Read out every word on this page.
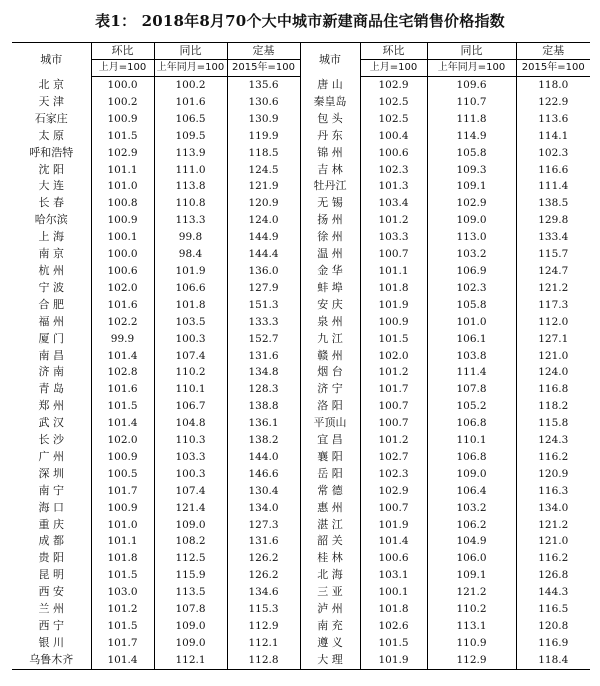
表1： 2018年8月70个大中城市新建商品住宅销售价格指数
城市	环比	同比	定基	城市	环比	同比	定基
	上月=100	上年同月=100	2015年=100		上月=100	上年同月=100	2015年=100
北 京	100.0	100.2	135.6	唐 山	102.9	109.6	118.0
天 津	100.2	101.6	130.6	秦皇岛	102.5	110.7	122.9
石家庄	100.9	106.5	130.9	包 头	102.5	111.8	113.6
太 原	101.5	109.5	119.9	丹 东	100.4	114.9	114.1
呼和浩特	102.9	113.9	118.5	锦 州	100.6	105.8	102.3
沈 阳	101.1	111.0	124.5	吉 林	102.3	109.3	116.6
大 连	101.0	113.8	121.9	牡丹江	101.3	109.1	111.4
长 春	100.8	110.8	120.9	无 锡	103.4	102.9	138.5
哈尔滨	100.9	113.3	124.0	扬 州	101.2	109.0	129.8
上 海	100.1	99.8	144.9	徐 州	103.3	113.0	133.4
南 京	100.0	98.4	144.4	温 州	100.7	103.2	115.7
杭 州	100.6	101.9	136.0	金 华	101.1	106.9	124.7
宁 波	102.0	106.6	127.9	蚌 埠	101.8	102.3	121.2
合 肥	101.6	101.8	151.3	安 庆	101.9	105.8	117.3
福 州	102.2	103.5	133.3	泉 州	100.9	101.0	112.0
厦 门	99.9	100.3	152.7	九 江	101.5	106.1	127.1
南 昌	101.4	107.4	131.6	赣 州	102.0	103.8	121.0
济 南	102.8	110.2	134.8	烟 台	101.2	111.4	124.0
青 岛	101.6	110.1	128.3	济 宁	101.7	107.8	116.8
郑 州	101.5	106.7	138.8	洛 阳	100.7	105.2	118.2
武 汉	101.4	104.8	136.1	平顶山	100.7	106.8	115.8
长 沙	102.0	110.3	138.2	宜 昌	101.2	110.1	124.3
广 州	100.9	103.3	144.0	襄 阳	102.7	106.8	116.2
深 圳	100.5	100.3	146.6	岳 阳	102.3	109.0	120.9
南 宁	101.7	107.4	130.4	常 德	102.9	106.4	116.3
海 口	100.9	121.4	134.0	惠 州	100.7	103.2	134.0
重 庆	101.0	109.0	127.3	湛 江	101.9	106.2	121.2
成 都	101.1	108.2	131.6	韶 关	101.4	104.9	121.0
贵 阳	101.8	112.5	126.2	桂 林	100.6	106.0	116.2
昆 明	101.5	115.9	126.2	北 海	103.1	109.1	126.8
西 安	103.0	113.5	134.6	三 亚	100.1	121.2	144.3
兰 州	101.2	107.8	115.3	泸 州	101.8	110.2	116.5
西 宁	101.5	109.0	112.9	南 充	102.6	113.1	120.8
银 川	101.7	109.0	112.1	遵 义	101.5	110.9	116.9
乌鲁木齐	101.4	112.1	112.8	大 理	101.9	112.9	118.4
